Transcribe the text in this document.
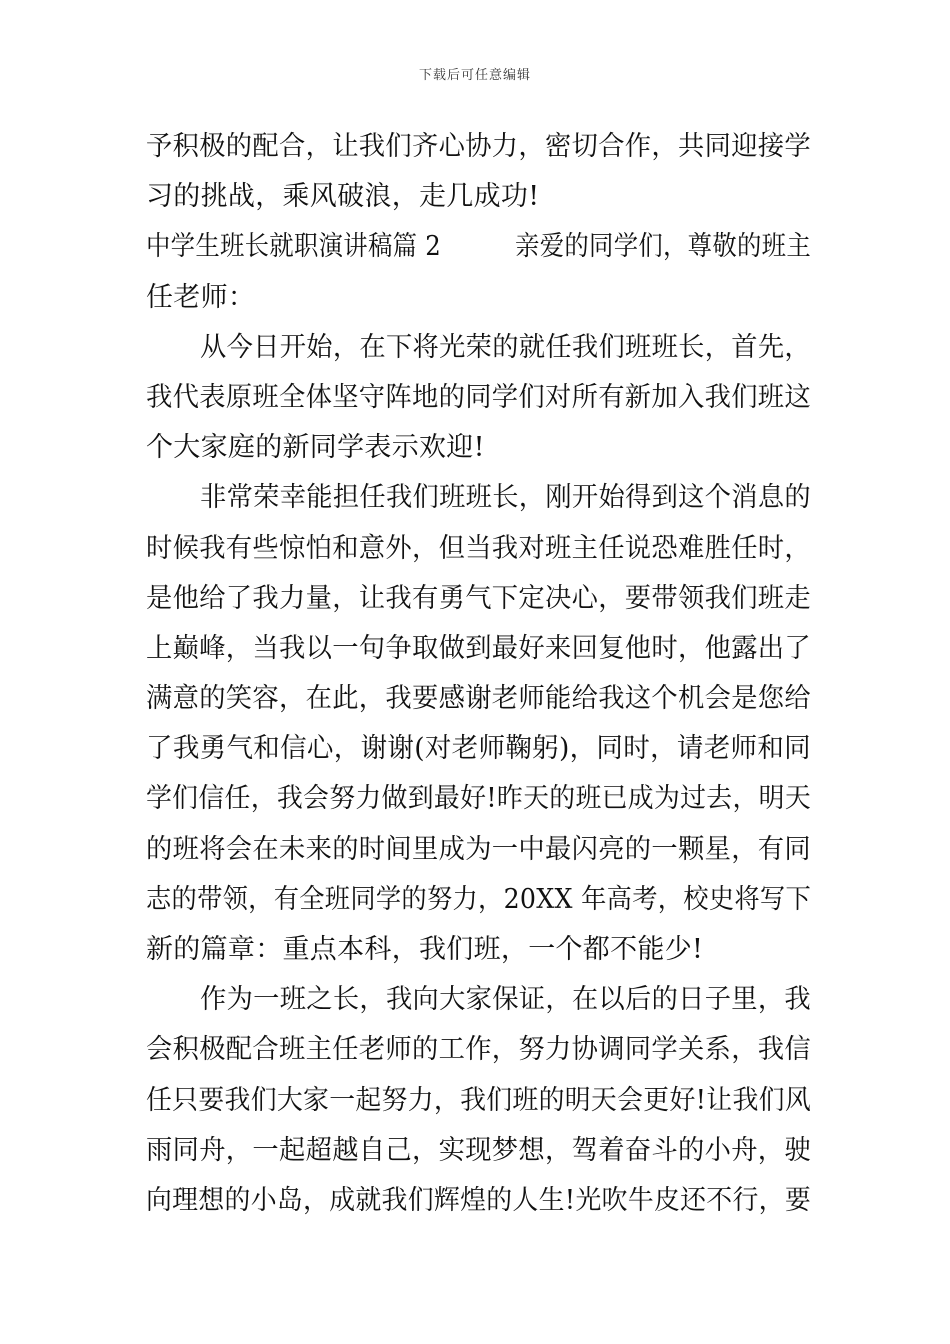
下载后可任意编辑
予积极的配合，让我们齐心协力，密切合作，共同迎接学
习的挑战，乘风破浪，走几成功!
中学生班长就职演讲稿篇 2　　　亲爱的同学们，尊敬的班主
任老师：
从今日开始，在下将光荣的就任我们班班长，首先，
我代表原班全体坚守阵地的同学们对所有新加入我们班这
个大家庭的新同学表示欢迎!
非常荣幸能担任我们班班长，刚开始得到这个消息的
时候我有些惊怕和意外，但当我对班主任说恐难胜任时，
是他给了我力量，让我有勇气下定决心，要带领我们班走
上巅峰，当我以一句争取做到最好来回复他时，他露出了
满意的笑容，在此，我要感谢老师能给我这个机会是您给
了我勇气和信心，谢谢(对老师鞠躬)，同时，请老师和同
学们信任，我会努力做到最好!昨天的班已成为过去，明天
的班将会在未来的时间里成为一中最闪亮的一颗星，有同
志的带领，有全班同学的努力，20XX 年高考，校史将写下
新的篇章：重点本科，我们班，一个都不能少!
作为一班之长，我向大家保证，在以后的日子里，我
会积极配合班主任老师的工作，努力协调同学关系，我信
任只要我们大家一起努力，我们班的明天会更好!让我们风
雨同舟，一起超越自己，实现梦想，驾着奋斗的小舟，驶
向理想的小岛，成就我们辉煌的人生!光吹牛皮还不行，要
